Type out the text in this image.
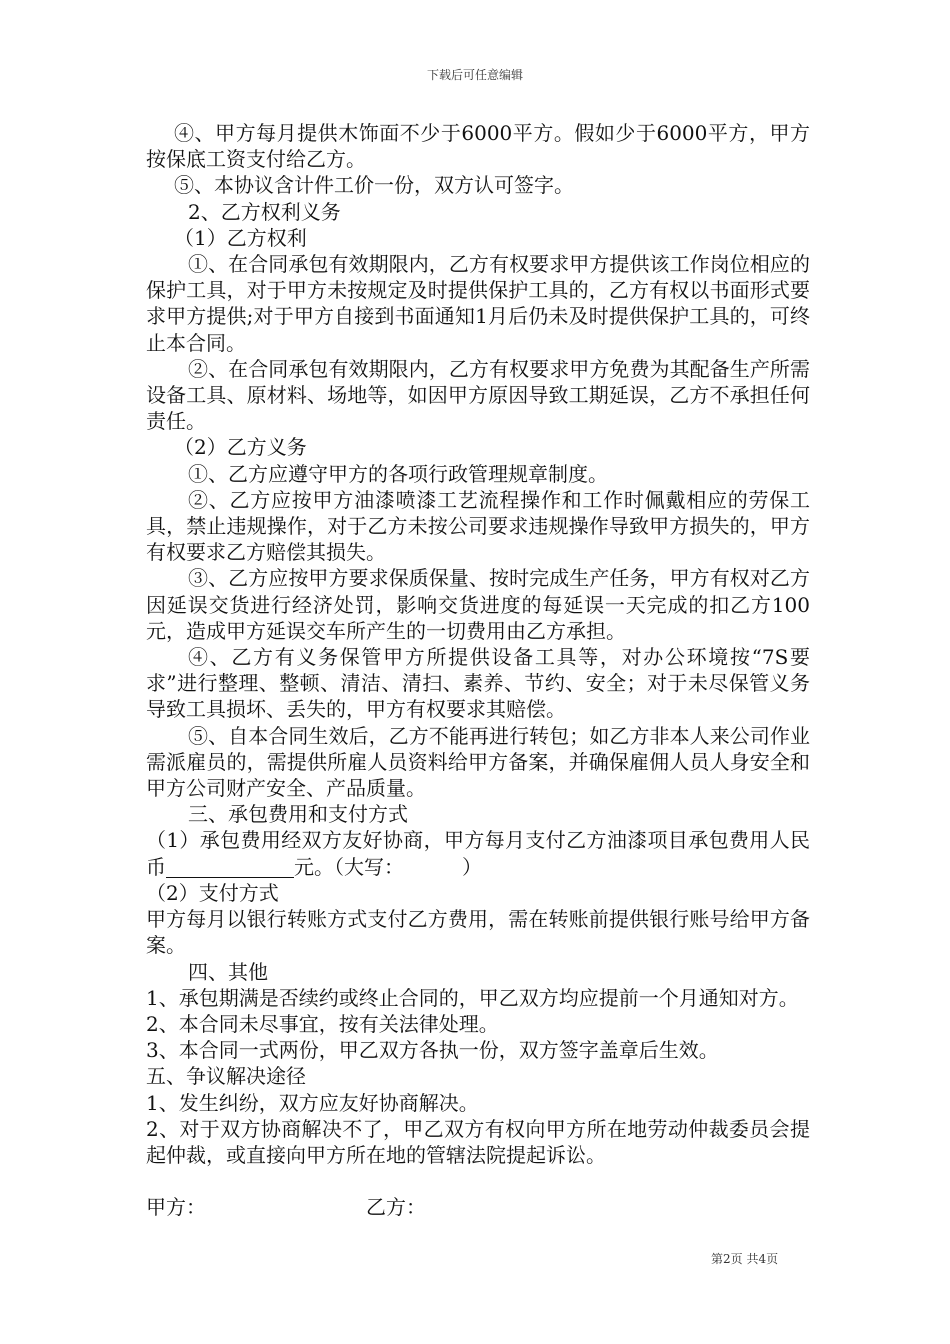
下载后可任意编辑

④、甲方每月提供木饰面不少于6000平方。假如少于6000平方，甲方按保底工资支付给乙方。

⑤、本协议含计件工价一份，双方认可签字。

2、乙方权利义务

（1）乙方权利

①、在合同承包有效期限内，乙方有权要求甲方提供该工作岗位相应的保护工具，对于甲方未按规定及时提供保护工具的，乙方有权以书面形式要求甲方提供;对于甲方自接到书面通知1月后仍未及时提供保护工具的，可终止本合同。

②、在合同承包有效期限内，乙方有权要求甲方免费为其配备生产所需设备工具、原材料、场地等，如因甲方原因导致工期延误，乙方不承担任何责任。

（2）乙方义务

①、乙方应遵守甲方的各项行政管理规章制度。

②、乙方应按甲方油漆喷漆工艺流程操作和工作时佩戴相应的劳保工具，禁止违规操作，对于乙方未按公司要求违规操作导致甲方损失的，甲方有权要求乙方赔偿其损失。

③、乙方应按甲方要求保质保量、按时完成生产任务，甲方有权对乙方因延误交货进行经济处罚，影响交货进度的每延误一天完成的扣乙方100元，造成甲方延误交车所产生的一切费用由乙方承担。

④、乙方有义务保管甲方所提供设备工具等，对办公环境按“7S要求”进行整理、整顿、清洁、清扫、素养、节约、安全；对于未尽保管义务导致工具损坏、丢失的，甲方有权要求其赔偿。

⑤、自本合同生效后，乙方不能再进行转包；如乙方非本人来公司作业需派雇员的，需提供所雇人员资料给甲方备案，并确保雇佣人员人身安全和甲方公司财产安全、产品质量。

三、承包费用和支付方式

（1）承包费用经双方友好协商，甲方每月支付乙方油漆项目承包费用人民币	元。（大写：	）

（2）支付方式

甲方每月以银行转账方式支付乙方费用，需在转账前提供银行账号给甲方备案。

四、其他

1、承包期满是否续约或终止合同的，甲乙双方均应提前一个月通知对方。

2、本合同未尽事宜，按有关法律处理。

3、本合同一式两份，甲乙双方各执一份，双方签字盖章后生效。

五、争议解决途径

1、发生纠纷，双方应友好协商解决。

2、对于双方协商解决不了，甲乙双方有权向甲方所在地劳动仲裁委员会提起仲裁，或直接向甲方所在地的管辖法院提起诉讼。

甲方：	乙方：
第2页 共4页
